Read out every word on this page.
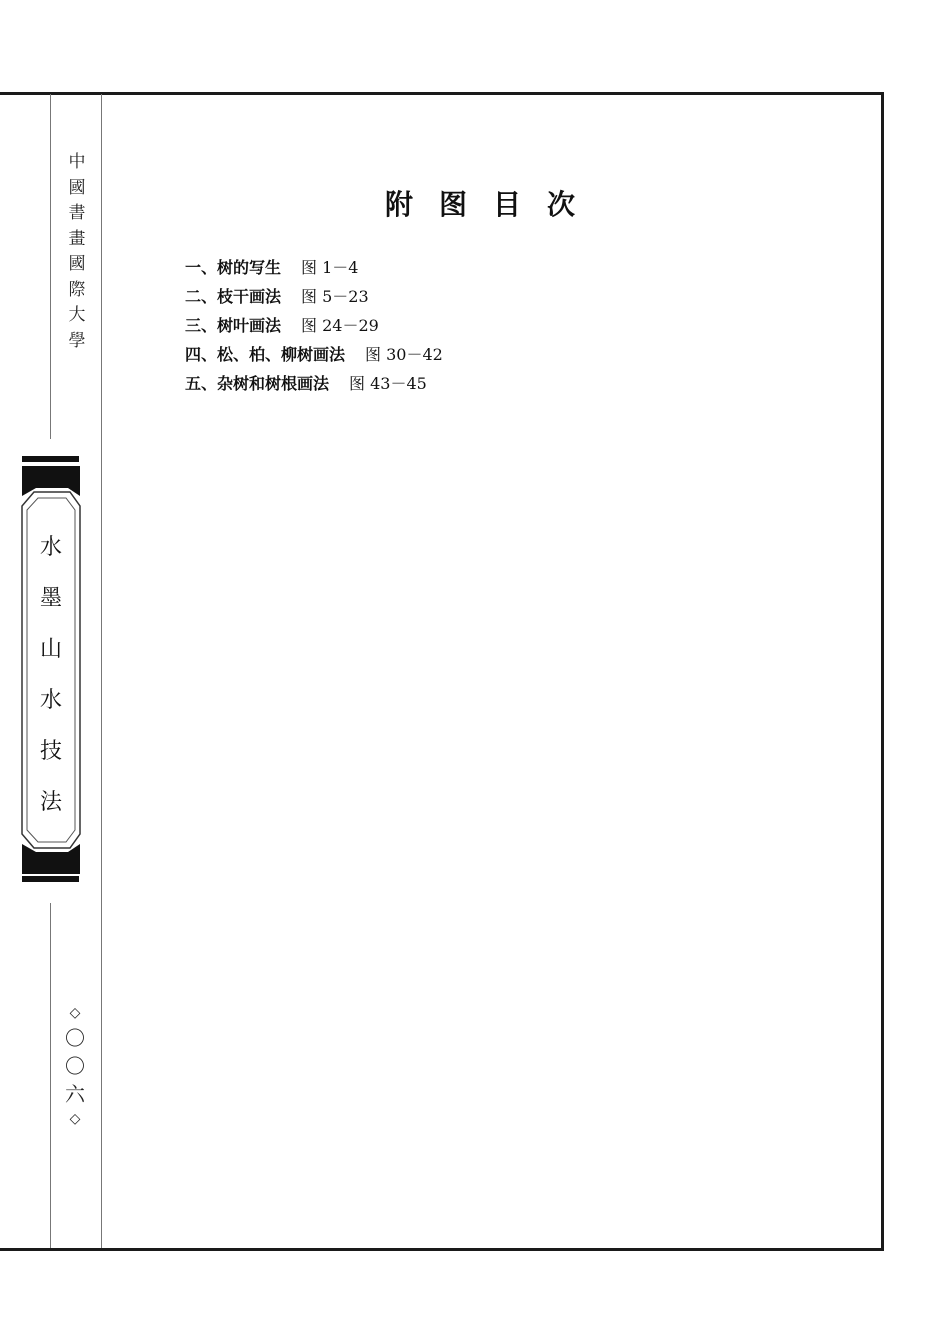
中國書畫國際大學
水
墨
山
水
技
法
◇
〇〇六
◇
附图目次
一、树的写生 图 1－4
二、枝干画法 图 5－23
三、树叶画法 图 24－29
四、松、柏、柳树画法 图 30－42
五、杂树和树根画法 图 43－45
